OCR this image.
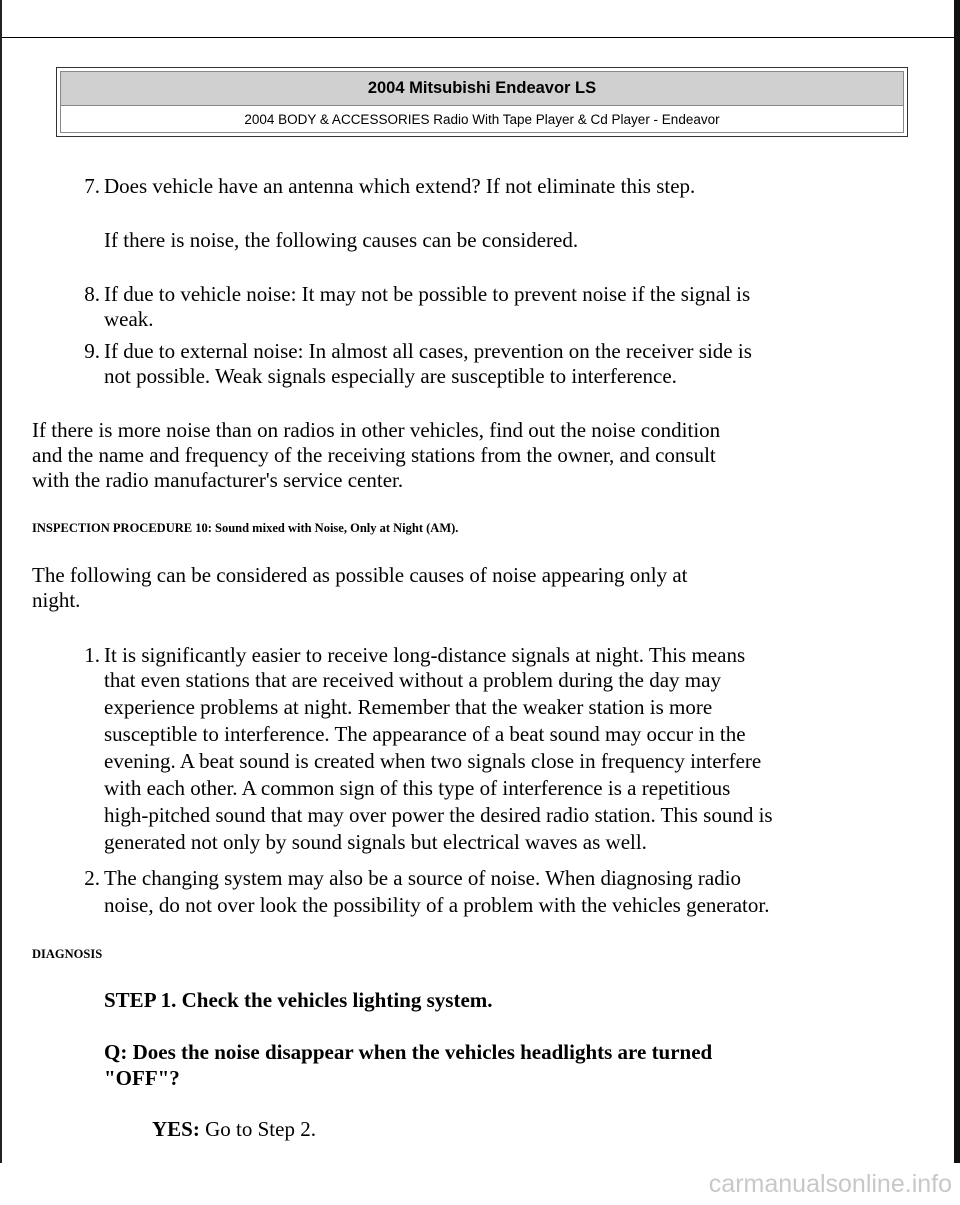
2004 Mitsubishi Endeavor LS
2004 BODY & ACCESSORIES Radio With Tape Player & Cd Player - Endeavor
7. Does vehicle have an antenna which extend? If not eliminate this step.
If there is noise, the following causes can be considered.
8. If due to vehicle noise: It may not be possible to prevent noise if the signal is
weak.
9. If due to external noise: In almost all cases, prevention on the receiver side is
not possible. Weak signals especially are susceptible to interference.
If there is more noise than on radios in other vehicles, find out the noise condition
and the name and frequency of the receiving stations from the owner, and consult
with the radio manufacturer's service center.
INSPECTION PROCEDURE 10: Sound mixed with Noise, Only at Night (AM).
The following can be considered as possible causes of noise appearing only at
night.
1. It is significantly easier to receive long-distance signals at night. This means
that even stations that are received without a problem during the day may
experience problems at night. Remember that the weaker station is more
susceptible to interference. The appearance of a beat sound may occur in the
evening. A beat sound is created when two signals close in frequency interfere
with each other. A common sign of this type of interference is a repetitious
high-pitched sound that may over power the desired radio station. This sound is
generated not only by sound signals but electrical waves as well.
2. The changing system may also be a source of noise. When diagnosing radio
noise, do not over look the possibility of a problem with the vehicles generator.
DIAGNOSIS
STEP 1. Check the vehicles lighting system.
Q: Does the noise disappear when the vehicles headlights are turned
"OFF"?
YES: Go to Step 2.
carmanualsonline.info
